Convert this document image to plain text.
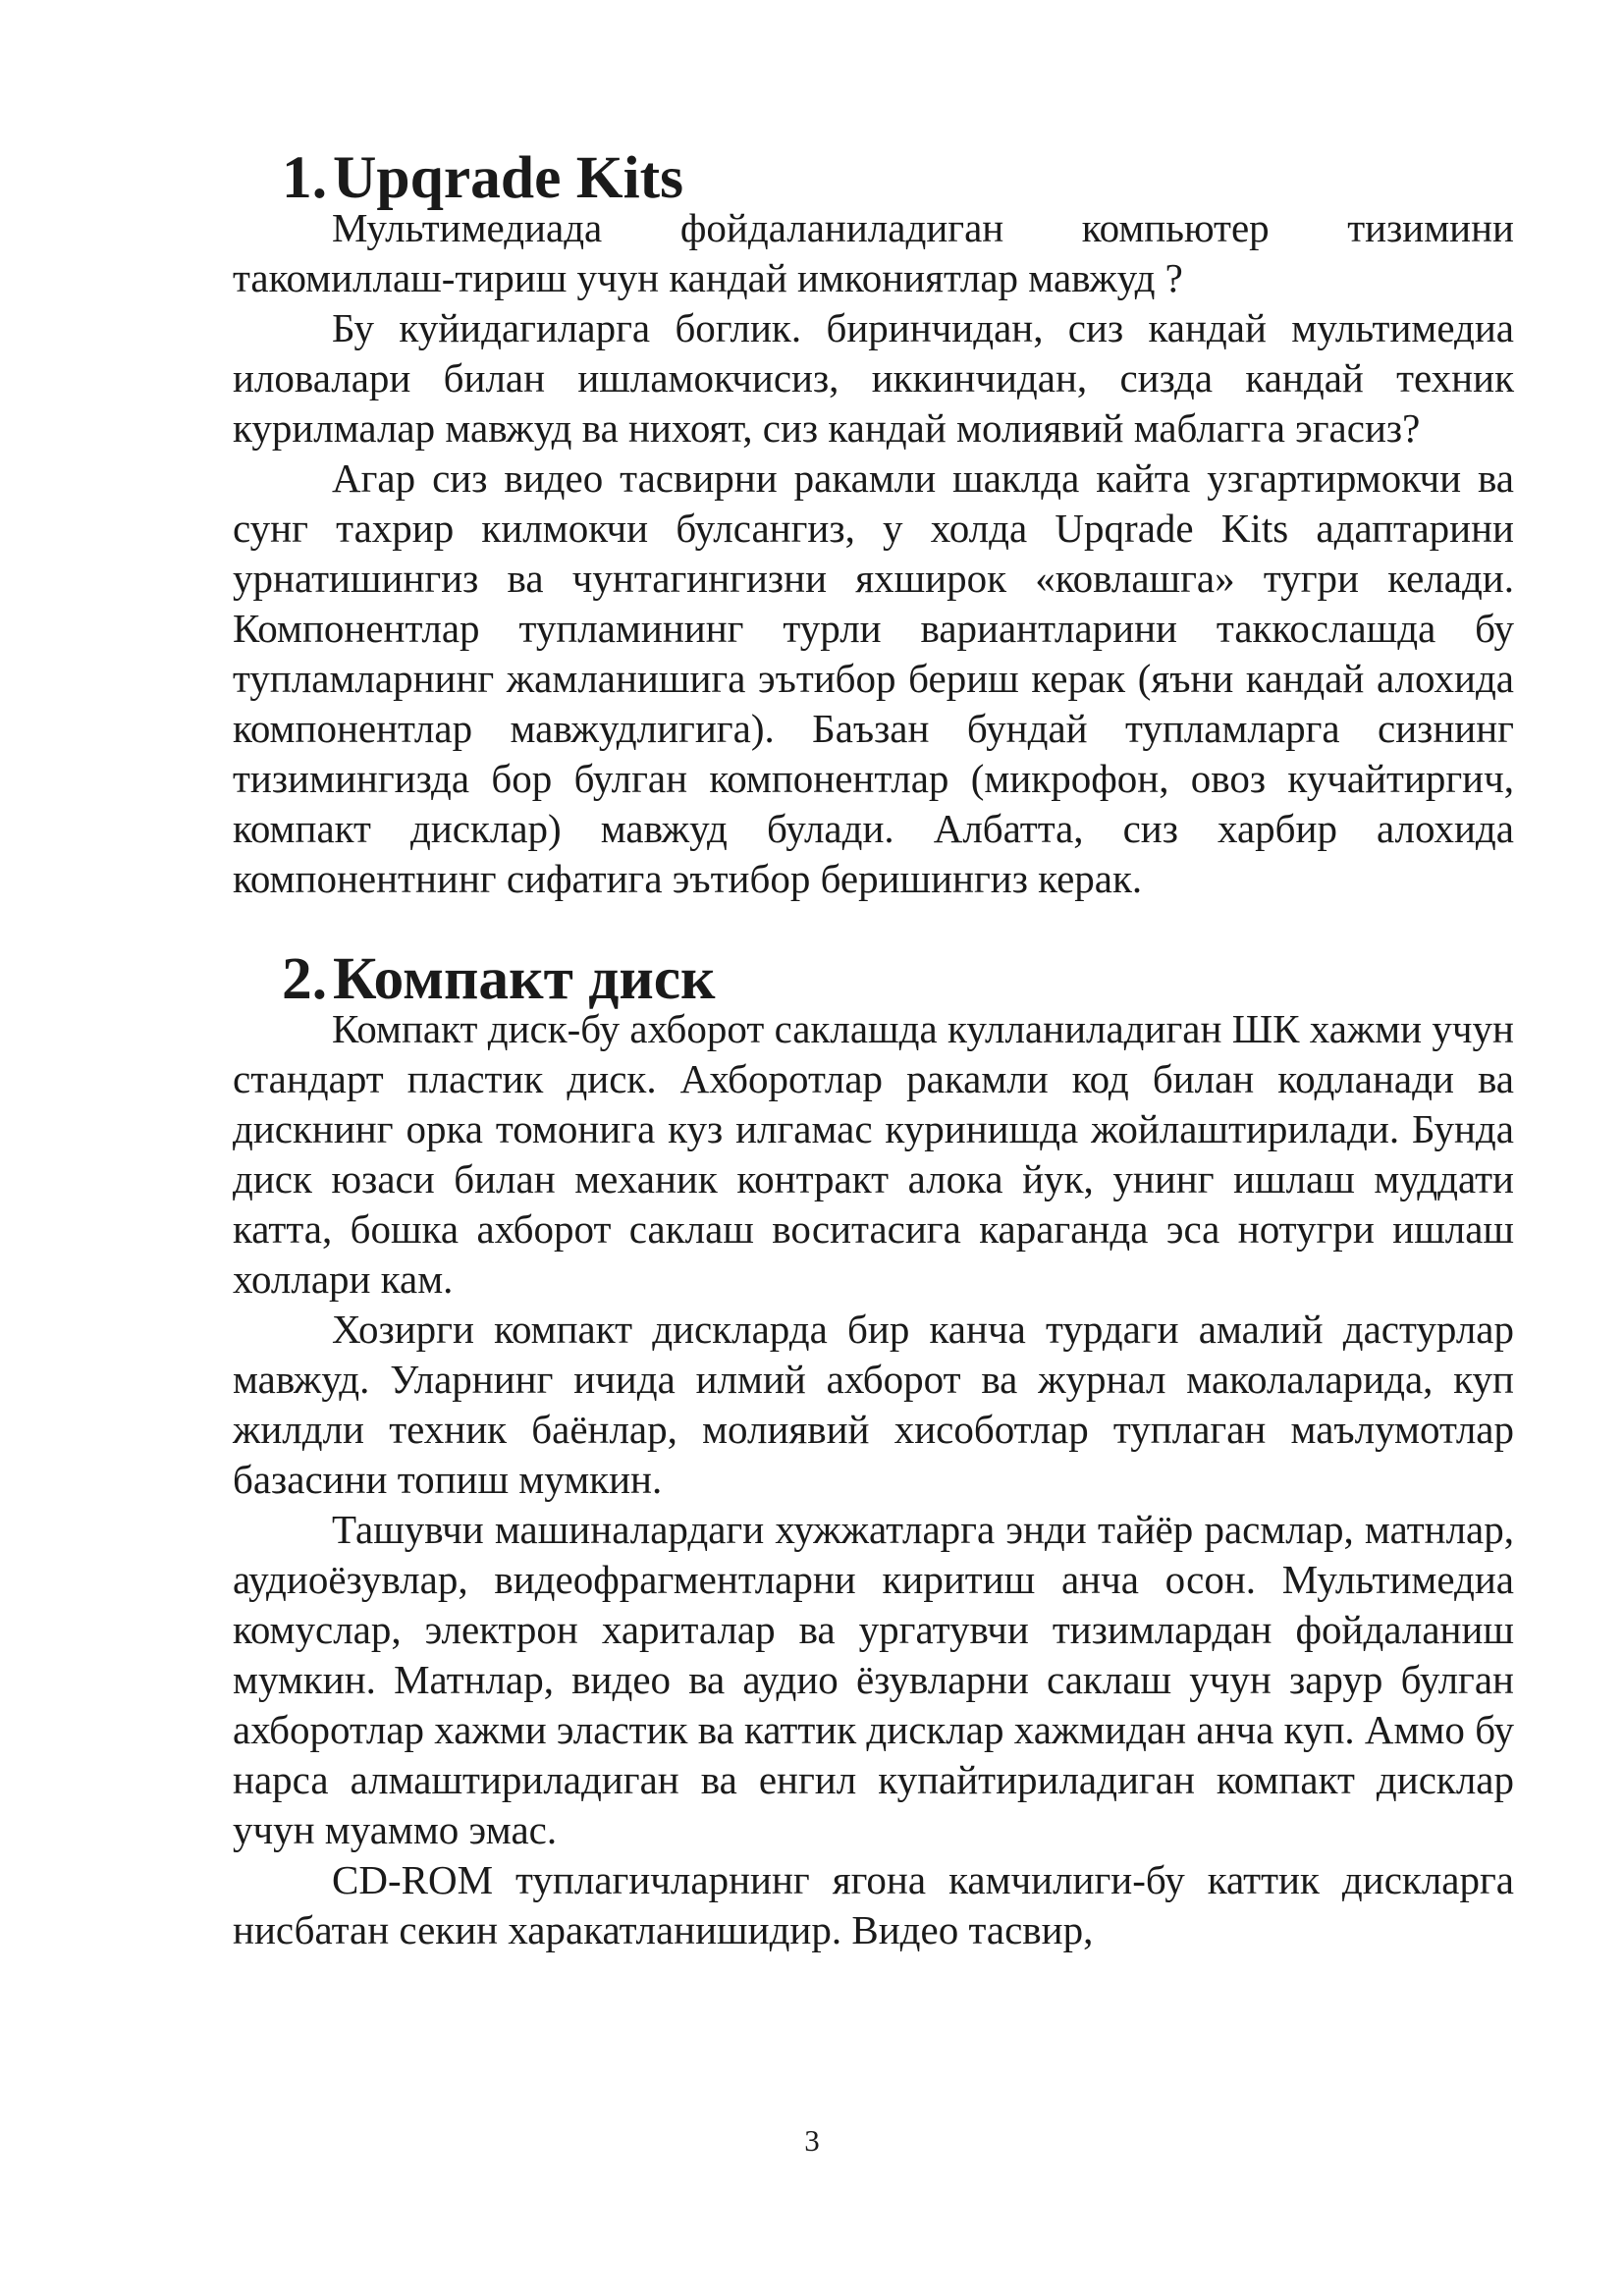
1.Upqrade Kits

Мультимедиада фойдаланиладиган компьютер тизимини такомиллаш-тириш учун кандай имкониятлар мавжуд ?

Бу куйидагиларга боглик. биринчидан, сиз кандай мультимедиа иловалари билан ишламокчисиз, иккинчидан, сизда кандай техник курилмалар мавжуд ва нихоят, сиз кандай молиявий маблагга эгасиз?

Агар сиз видео тасвирни ракамли шаклда кайта узгартирмокчи ва сунг тахрир килмокчи булсангиз, у холда Upqrade Kits адаптарини урнатишингиз ва чунтагингизни яхширок «ковлашга» тугри келади. Компонентлар тупламининг турли вариантларини таккослашда бу тупламларнинг жамланишига эътибор бериш керак (яъни кандай алохида компонентлар мавжудлигига). Баъзан бундай тупламларга сизнинг тизимингизда бор булган компонентлар (микрофон, овоз кучайтиргич, компакт дисклар) мавжуд булади. Албатта, сиз харбир алохида компонентнинг сифатига эътибор беришингиз керак.

2.Компакт диск

Компакт диск-бу ахборот саклашда кулланиладиган ШК хажми учун стандарт пластик диск. Ахборотлар ракамли код билан кодланади ва дискнинг орка томонига куз илгамас куринишда жойлаштирилади. Бунда диск юзаси билан механик контракт алока йук, унинг ишлаш муддати катта, бошка ахборот саклаш воситасига караганда эса нотугри ишлаш холлари кам.

Хозирги компакт дискларда бир канча турдаги амалий дастурлар мавжуд. Уларнинг ичида илмий ахборот ва журнал маколаларида, куп жилдли техник баёнлар, молиявий хисоботлар туплаган маълумотлар базасини топиш мумкин.

Ташувчи машиналардаги хужжатларга энди тайёр расмлар, матнлар, аудиоёзувлар, видеофрагментларни киритиш анча осон. Мультимедиа комуслар, электрон хариталар ва ургатувчи тизимлардан фойдаланиш мумкин. Матнлар, видео ва аудио ёзувларни саклаш учун зарур булган ахборотлар хажми эластик ва каттик дисклар хажмидан анча куп. Аммо бу нарса алмаштириладиган ва енгил купайтириладиган компакт дисклар учун муаммо эмас.

CD-ROM туплагичларнинг ягона камчилиги-бу каттик дискларга нисбатан секин харакатланишидир. Видео тасвир,

3
